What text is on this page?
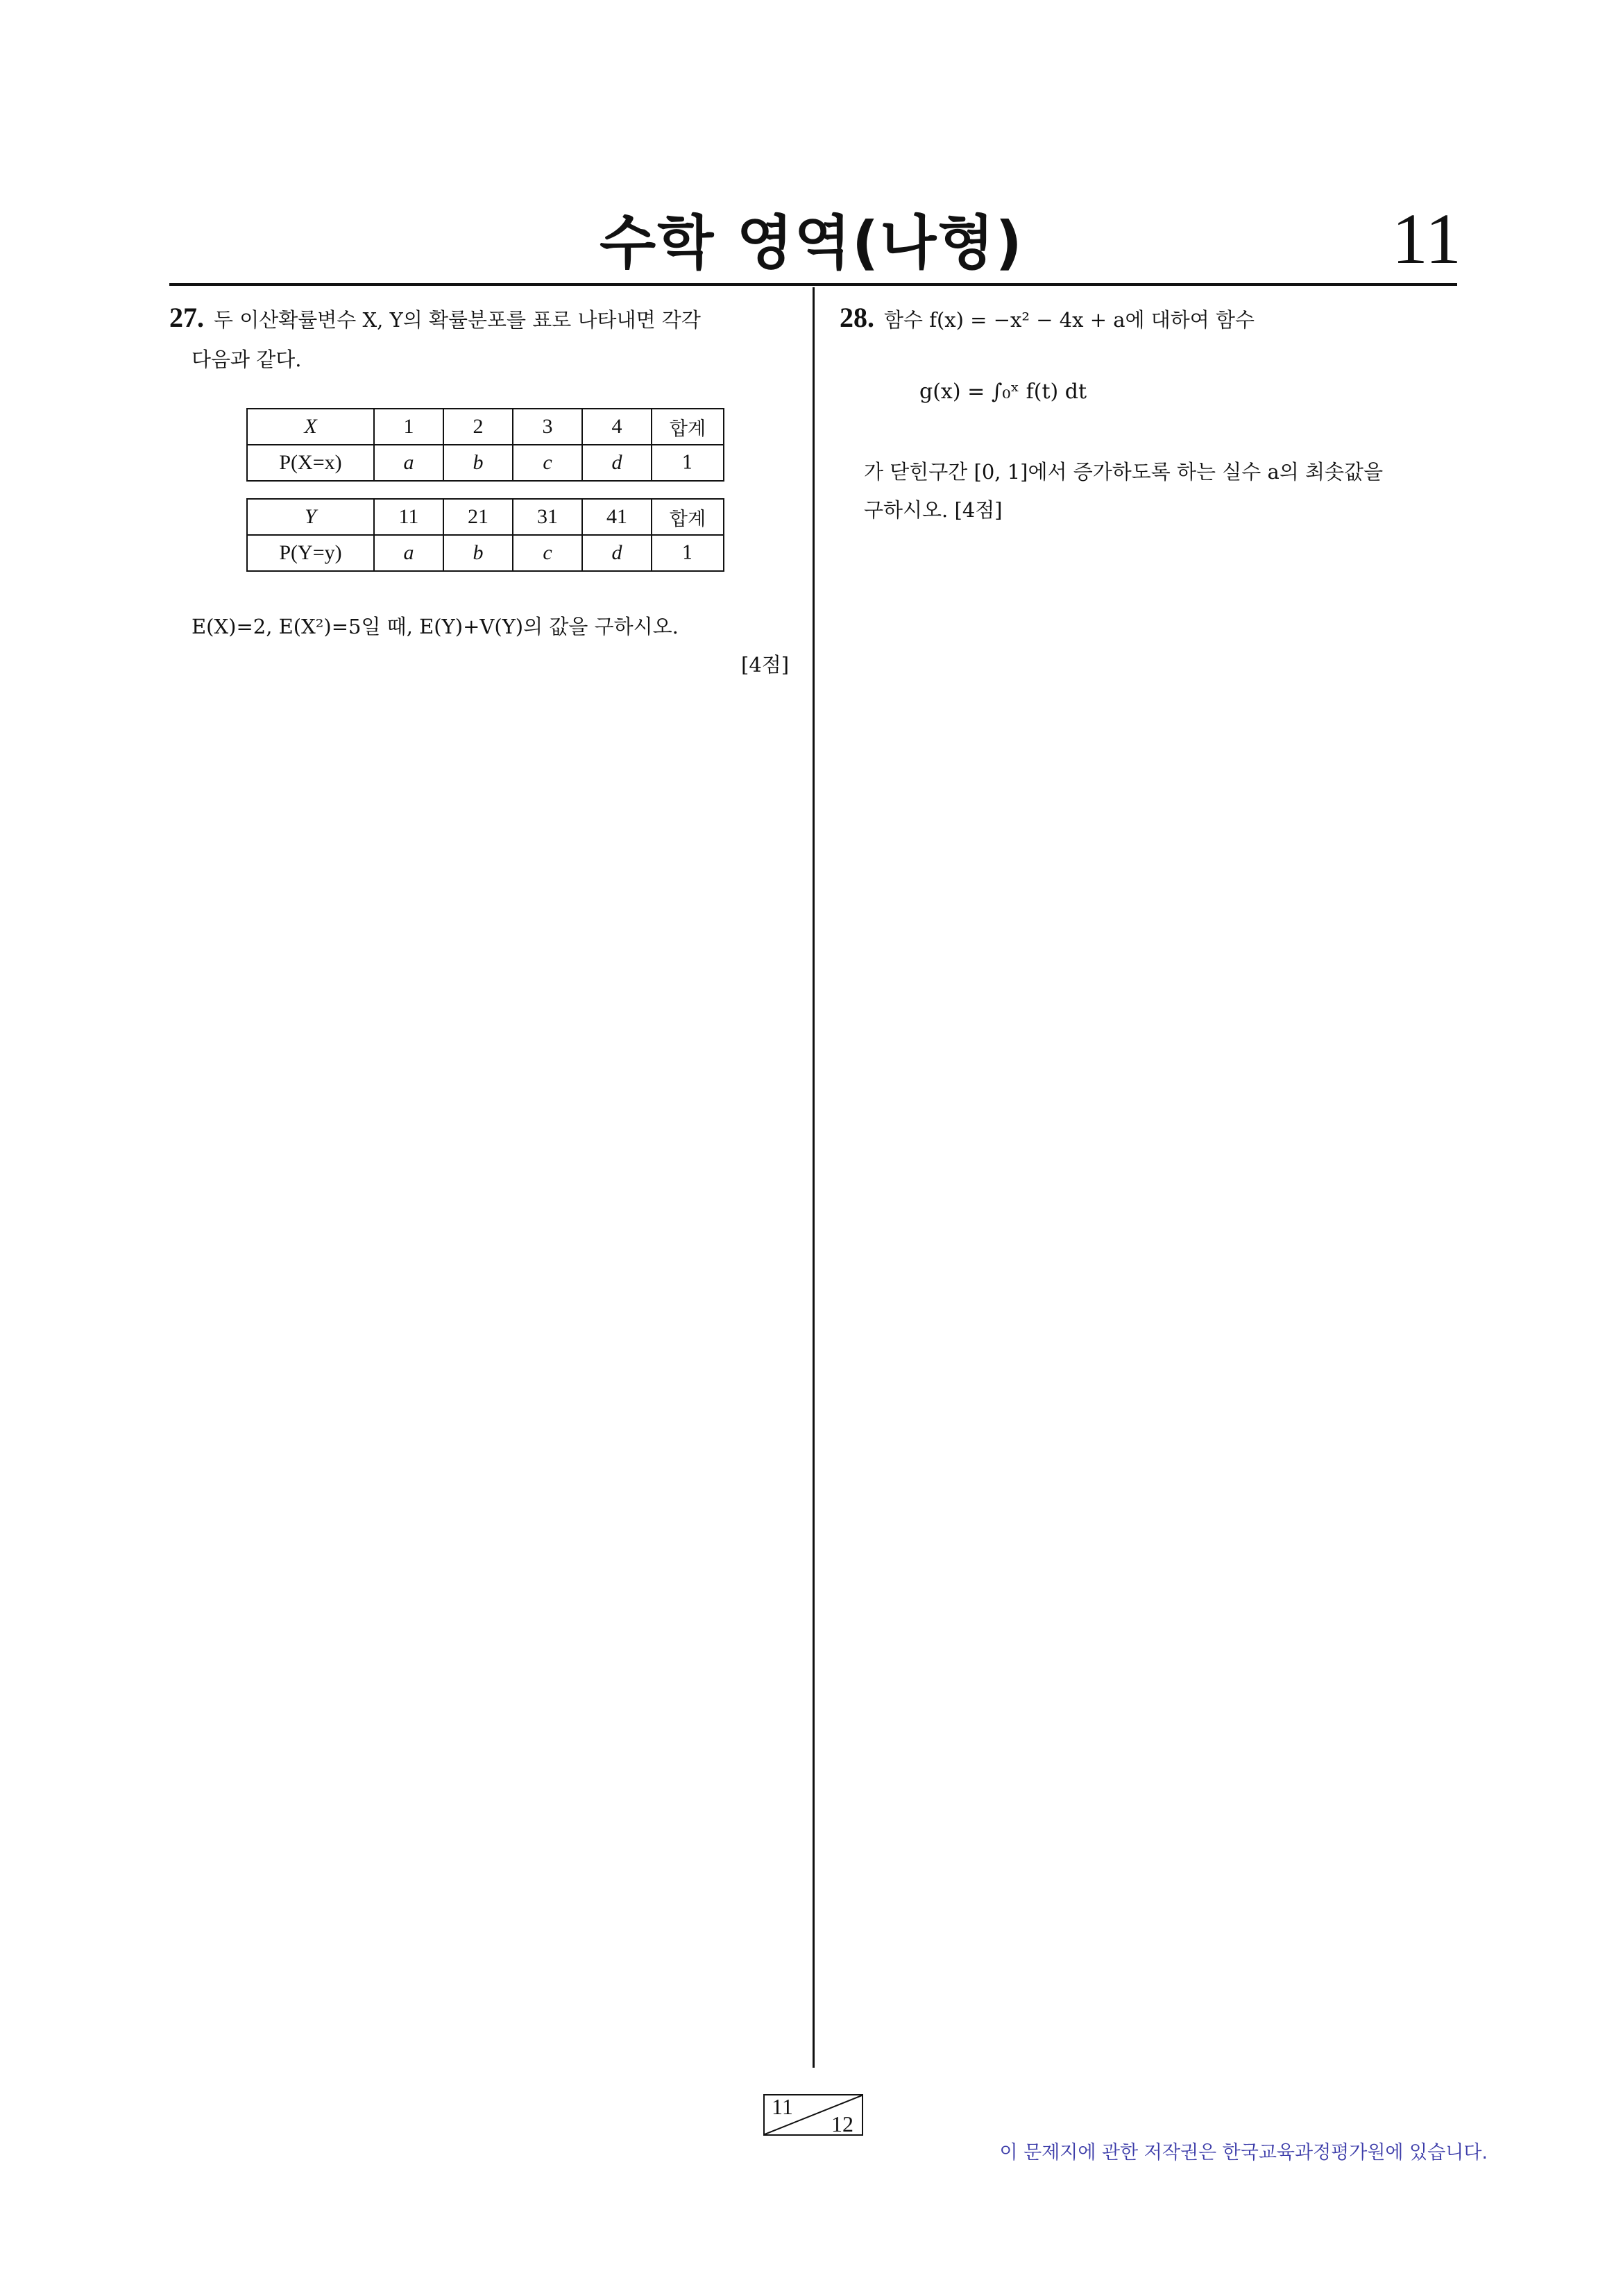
수학 영역(나형)	11
27. 두 이산확률변수 X, Y의 확률분포를 표로 나타내면 각각
다음과 같다.
X	1	2	3	4	합계
P(X=x)	a	b	c	d	1
Y	11	21	31	41	합계
P(Y=y)	a	b	c	d	1
E(X)=2, E(X²)=5일 때, E(Y)+V(Y)의 값을 구하시오.
[4점]
28. 함수 f(x) = −x² − 4x + a에 대하여 함수
g(x) = ∫₀ˣ f(t) dt
가 닫힌구간 [0, 1]에서 증가하도록 하는 실수 a의 최솟값을
구하시오. [4점]
11
12
이 문제지에 관한 저작권은 한국교육과정평가원에 있습니다.
